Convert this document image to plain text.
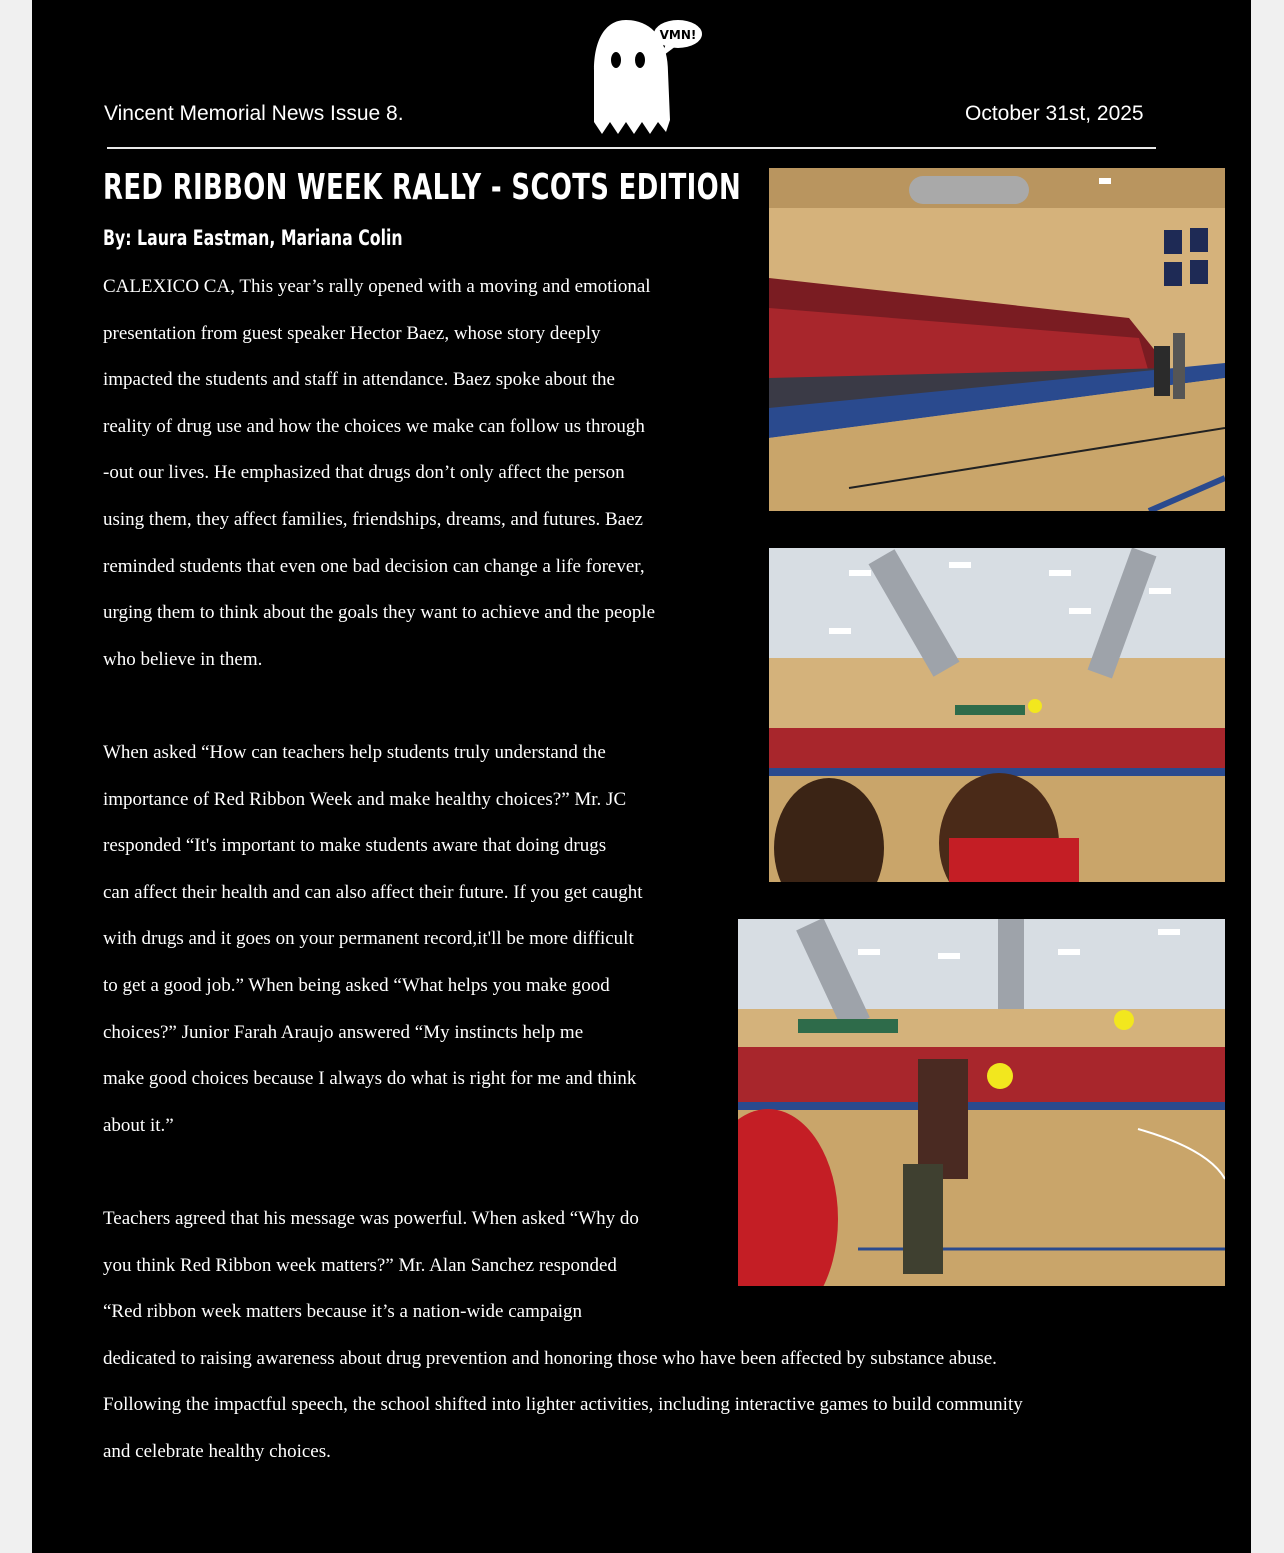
Vincent Memorial News Issue 8.
VMN!
October 31st, 2025
RED RIBBON WEEK RALLY - SCOTS EDITION
By: Laura Eastman, Mariana Colin
CALEXICO CA, This year’s rally opened with a moving and emotional
presentation from guest speaker Hector Baez, whose story deeply
impacted the students and staff in attendance. Baez spoke about the
reality of drug use and how the choices we make can follow us through
-out our lives. He emphasized that drugs don’t only affect the person
using them, they affect families, friendships, dreams, and futures. Baez
reminded students that even one bad decision can change a life forever,
urging them to think about the goals they want to achieve and the people
who believe in them.
When asked “How can teachers help students truly understand the
importance of Red Ribbon Week and make healthy choices?” Mr. JC
responded “It's important to make students aware that doing drugs
can affect their health and can also affect their future. If you get caught
with drugs and it goes on your permanent record,it'll be more difficult
to get a good job.” When being asked “What helps you make good
choices?” Junior Farah Araujo answered “My instincts help me
make good choices because I always do what is right for me and think
about it.”
Teachers agreed that his message was powerful. When asked “Why do
you think Red Ribbon week matters?” Mr. Alan Sanchez responded
“Red ribbon week matters because it’s a nation-wide campaign
dedicated to raising awareness about drug prevention and honoring those who have been affected by substance abuse.
Following the impactful speech, the school shifted into lighter activities, including interactive games to build community
and celebrate healthy choices.
